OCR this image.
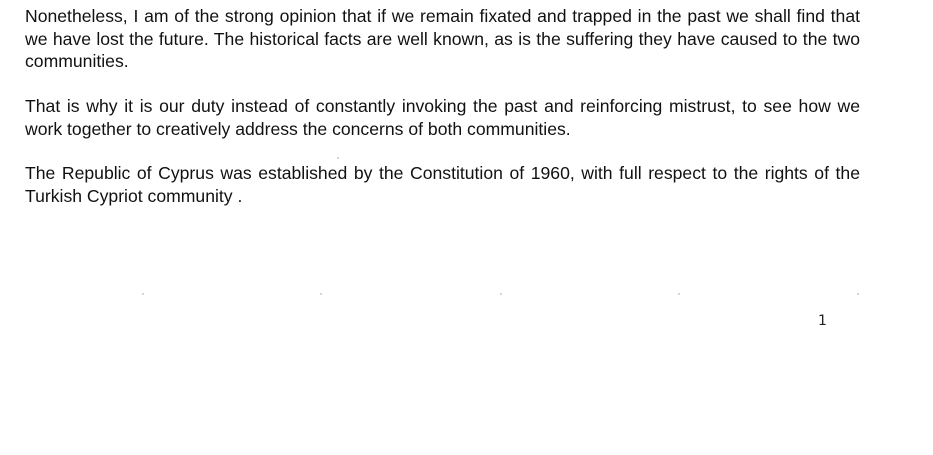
Nonetheless, I am of the strong opinion that if we remain fixated and trapped in the past we shall find that we have lost the future. The historical facts are well known, as is the suffering they have caused to the two communities.

That is why it is our duty instead of constantly invoking the past and reinforcing mistrust, to see how we work together to creatively address the concerns of both communities.

The Republic of Cyprus was established by the Constitution of 1960, with full respect to the rights of the Turkish Cypriot community .

1
